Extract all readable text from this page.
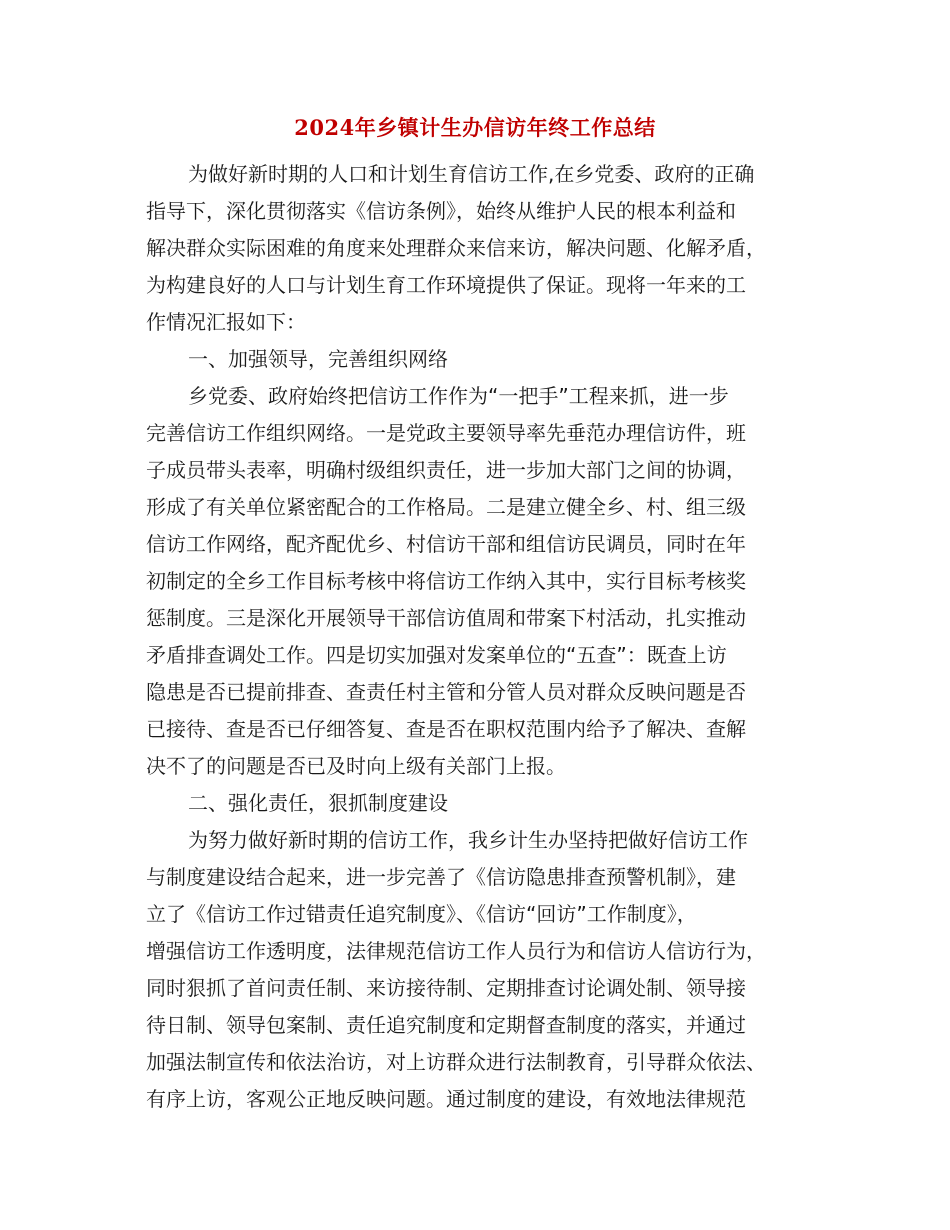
2024年乡镇计生办信访年终工作总结
为做好新时期的人口和计划生育信访工作,在乡党委、政府的正确
指导下，深化贯彻落实《信访条例》，始终从维护人民的根本利益和
解决群众实际困难的角度来处理群众来信来访，解决问题、化解矛盾，
为构建良好的人口与计划生育工作环境提供了保证。现将一年来的工
作情况汇报如下：
一、加强领导，完善组织网络
乡党委、政府始终把信访工作作为“一把手”工程来抓，进一步
完善信访工作组织网络。一是党政主要领导率先垂范办理信访件，班
子成员带头表率，明确村级组织责任，进一步加大部门之间的协调，
形成了有关单位紧密配合的工作格局。二是建立健全乡、村、组三级
信访工作网络，配齐配优乡、村信访干部和组信访民调员，同时在年
初制定的全乡工作目标考核中将信访工作纳入其中，实行目标考核奖
惩制度。三是深化开展领导干部信访值周和带案下村活动，扎实推动
矛盾排查调处工作。四是切实加强对发案单位的“五查”：既查上访
隐患是否已提前排查、查责任村主管和分管人员对群众反映问题是否
已接待、查是否已仔细答复、查是否在职权范围内给予了解决、查解
决不了的问题是否已及时向上级有关部门上报。
二、强化责任，狠抓制度建设
为努力做好新时期的信访工作，我乡计生办坚持把做好信访工作
与制度建设结合起来，进一步完善了《信访隐患排查预警机制》，建
立了《信访工作过错责任追究制度》、《信访“回访”工作制度》，
增强信访工作透明度，法律规范信访工作人员行为和信访人信访行为，
同时狠抓了首问责任制、来访接待制、定期排查讨论调处制、领导接
待日制、领导包案制、责任追究制度和定期督查制度的落实，并通过
加强法制宣传和依法治访，对上访群众进行法制教育，引导群众依法、
有序上访，客观公正地反映问题。通过制度的建设，有效地法律规范
